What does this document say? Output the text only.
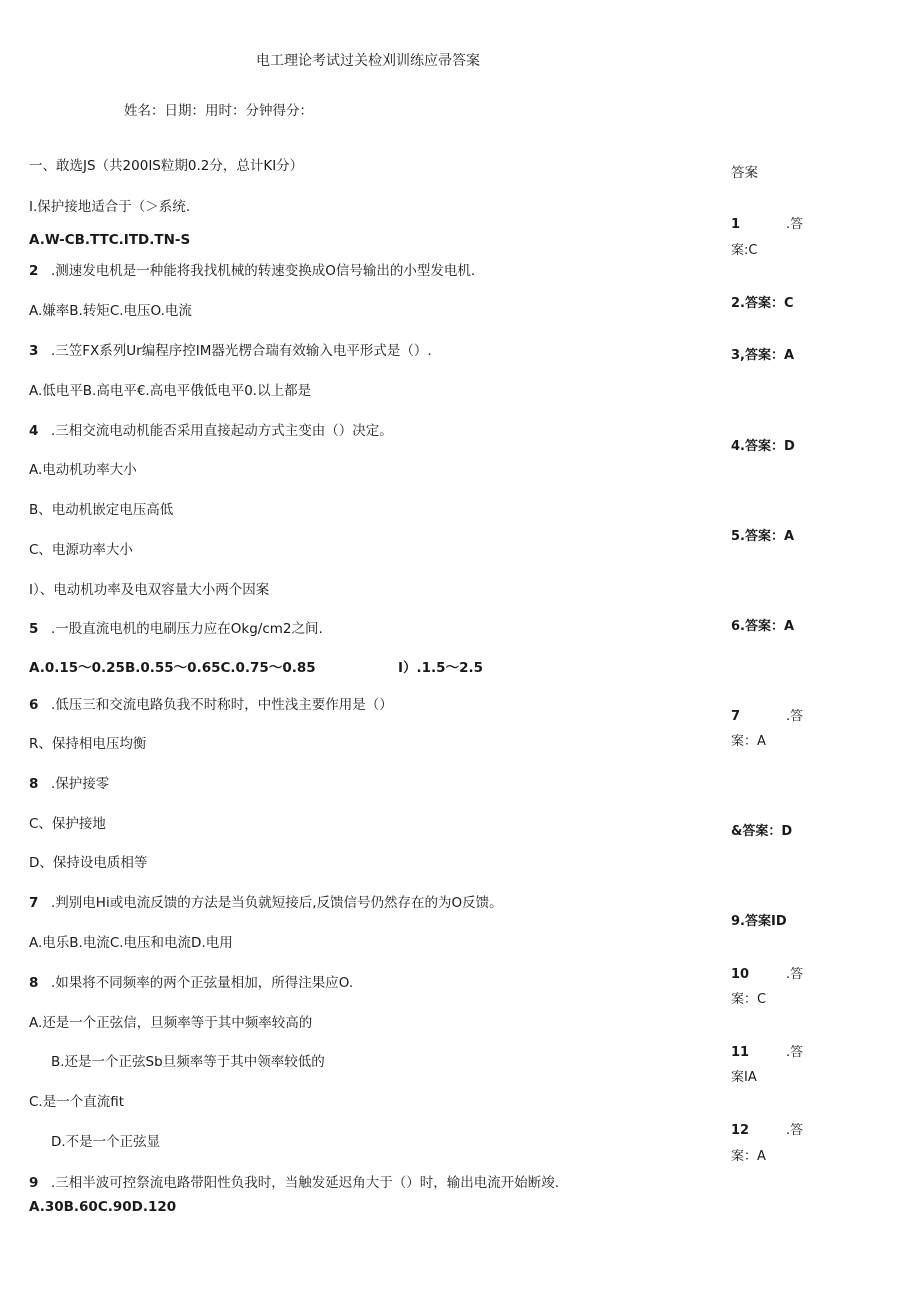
电工理论考试过关检刈训练应帚答案
姓名：日期：用时：分钟得分：
一、敢选JS（共200IS粒期0.2分，总计KI分）	答案
I.保护接地适合于（＞系统.
A.W-CB.TTC.ITD.TN-S
2 .测速发电机是一种能将我找机械的转速变换成O信号输出的小型发电机.
A.嫌率B.转矩C.电压O.电流
3 .三笠FX系列Ur编程序控IM器光楞合瑞有效输入电平形式是（）.
A.低电平B.高电平€.高电平俄低电平0.以上都是
4 .三相交流电动机能否采用直接起动方式主变由（）决定。
A.电动机功率大小
B、电动机嵌定电压高低
C、电源功率大小
I）、电动机功率及电双容量大小两个因案
5 .一股直流电机的电刷压力应在Okg/cm2之间.
A.0.15～0.25B.0.55～0.65C.0.75～0.85	I）.1.5～2.5
6 .低压三和交流电路负我不时称时，中性浅主要作用是（）
R、保持相电压均衡
8 .保护接零
C、保护接地
D、保持设电质相等
7 .判别电Hi或电流反馈的方法是当负就短接后,反馈信号仍然存在的为O反馈。
A.电乐B.电流C.电压和电流D.电用
8 .如果将不同频率的两个正弦量相加，所得注果应O.
A.还是一个正弦信，旦频率等于其中频率较高的
B.还是一个正弦Sb旦频率等于其中领率较低的
C.是一个直流fit
D.不是一个正弦显
9 .三相半波可控祭流电路带阳性负我时，当触发延迟角大于（）时，输出电流开始断竣.
A.30B.60C.90D.120
1	.答
案:C
2.答案：C
3,答案：A
4.答案：D
5.答案：A
6.答案：A
7	.答
案：A
&答案：D
9.答案ID
10	.答
案：C
11	.答
案IA
12	.答
案：A
